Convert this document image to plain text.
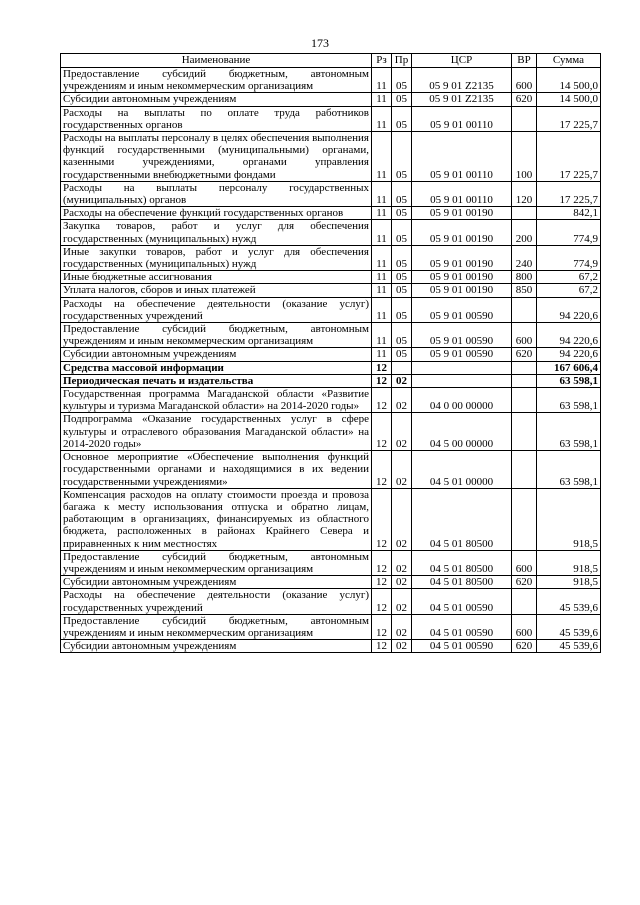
173
Наименование	Рз	Пр	ЦСР	ВР	Сумма
Предоставление субсидий бюджетным, автономным учреждениям и иным некоммерческим организациям	11	05	05 9 01 Z2135	600	14 500,0
Субсидии автономным учреждениям	11	05	05 9 01 Z2135	620	14 500,0
Расходы на выплаты по оплате труда работников государственных органов	11	05	05 9 01 00110		17 225,7
Расходы на выплаты персоналу в целях обеспечения выполнения функций государственными (муниципальными) органами, казенными учреждениями, органами управления государственными внебюджетными фондами	11	05	05 9 01 00110	100	17 225,7
Расходы на выплаты персоналу государственных (муниципальных) органов	11	05	05 9 01 00110	120	17 225,7
Расходы на обеспечение функций государственных органов	11	05	05 9 01 00190		842,1
Закупка товаров, работ и услуг для обеспечения государственных (муниципальных) нужд	11	05	05 9 01 00190	200	774,9
Иные закупки товаров, работ и услуг для обеспечения государственных (муниципальных) нужд	11	05	05 9 01 00190	240	774,9
Иные бюджетные ассигнования	11	05	05 9 01 00190	800	67,2
Уплата налогов, сборов и иных платежей	11	05	05 9 01 00190	850	67,2
Расходы на обеспечение деятельности (оказание услуг) государственных учреждений	11	05	05 9 01 00590		94 220,6
Предоставление субсидий бюджетным, автономным учреждениям и иным некоммерческим организациям	11	05	05 9 01 00590	600	94 220,6
Субсидии автономным учреждениям	11	05	05 9 01 00590	620	94 220,6
Средства массовой информации	12				167 606,4
Периодическая печать и издательства	12	02			63 598,1
Государственная программа Магаданской области «Развитие культуры и туризма Магаданской области» на 2014-2020 годы»	12	02	04 0 00 00000		63 598,1
Подпрограмма «Оказание государственных услуг в сфере культуры и отраслевого образования Магаданской области» на 2014-2020 годы»	12	02	04 5 00 00000		63 598,1
Основное мероприятие «Обеспечение выполнения функций государственными органами и находящимися в их ведении государственными учреждениями»	12	02	04 5 01 00000		63 598,1
Компенсация расходов на оплату стоимости проезда и провоза багажа к месту использования отпуска и обратно лицам, работающим в организациях, финансируемых из областного бюджета, расположенных в районах Крайнего Севера и приравненных к ним местностях	12	02	04 5 01 80500		918,5
Предоставление субсидий бюджетным, автономным учреждениям и иным некоммерческим организациям	12	02	04 5 01 80500	600	918,5
Субсидии автономным учреждениям	12	02	04 5 01 80500	620	918,5
Расходы на обеспечение деятельности (оказание услуг) государственных учреждений	12	02	04 5 01 00590		45 539,6
Предоставление субсидий бюджетным, автономным учреждениям и иным некоммерческим организациям	12	02	04 5 01 00590	600	45 539,6
Субсидии автономным учреждениям	12	02	04 5 01 00590	620	45 539,6
